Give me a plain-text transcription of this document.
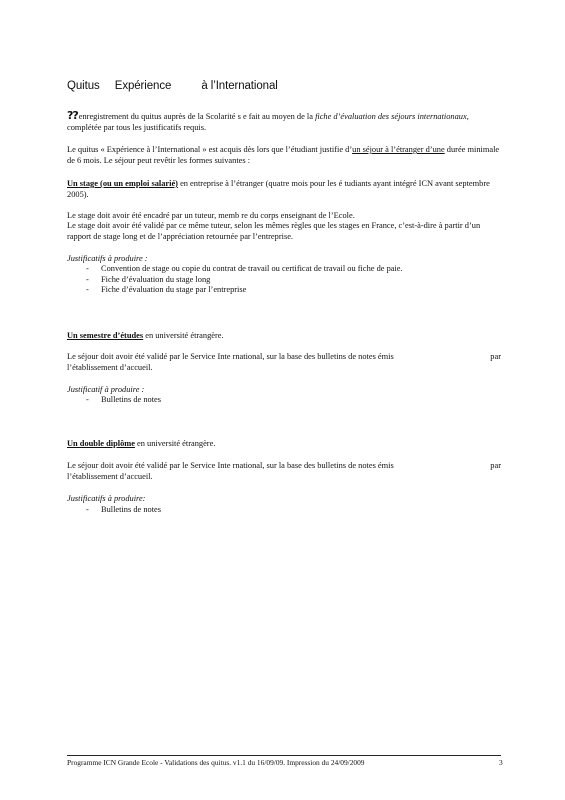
Quitus Expérience	à l’International
??enregistrement du quitus auprès de la Scolarité s e fait au moyen de la fiche d’évaluation des séjours internationaux, complétée par tous les justificatifs requis.
Le quitus « Expérience à l’International » est acquis dès lors que l’étudiant justifie d’un séjour à l’étranger d’une durée minimale de 6 mois. Le séjour peut revêtir les formes suivantes :
Un stage (ou un emploi salarié) en entreprise à l’étranger (quatre mois pour les é tudiants ayant intégré ICN avant septembre 2005).
Le stage doit avoir été encadré par un tuteur, memb re du corps enseignant de l’Ecole.
Le stage doit avoir été validé par ce même tuteur, selon les mêmes règles que les stages en France, c’est-à-dire à partir d’un rapport de stage long et de l’appréciation retournée par l’entreprise.
Justificatifs à produire :
- Convention de stage ou copie du contrat de travail ou certificat de travail ou fiche de paie.
- Fiche d’évaluation du stage long
- Fiche d’évaluation du stage par l’entreprise
Un semestre d’études en université étrangère.
par
Le séjour doit avoir été validé par le Service Inte rnational, sur la base des bulletins de notes émis
l’établissement d’accueil.
Justificatif à produire :
- Bulletins de notes
Un double diplôme en université étrangère.
par
Le séjour doit avoir été validé par le Service Inte rnational, sur la base des bulletins de notes émis
l’établissement d’accueil.
Justificatifs à produire:
- Bulletins de notes
Programme ICN Grande Ecole - Validations des quitus. v1.1 du 16/09/09. Impression du 24/09/2009	3
